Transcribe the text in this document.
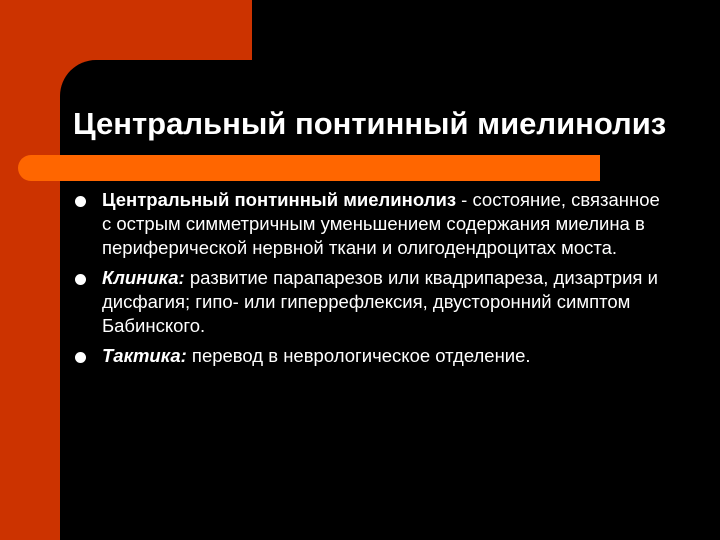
Центральный понтинный миелинолиз
Центральный понтинный миелинолиз - состояние, связанное с острым симметричным уменьшением содержания миелина в периферической нервной ткани и олигодендроцитах моста.
Клиника: развитие парапарезов или квадрипареза, дизартрия и дисфагия; гипо- или гиперрефлексия, двусторонний симптом Бабинского.
Тактика: перевод в неврологическое отделение.
